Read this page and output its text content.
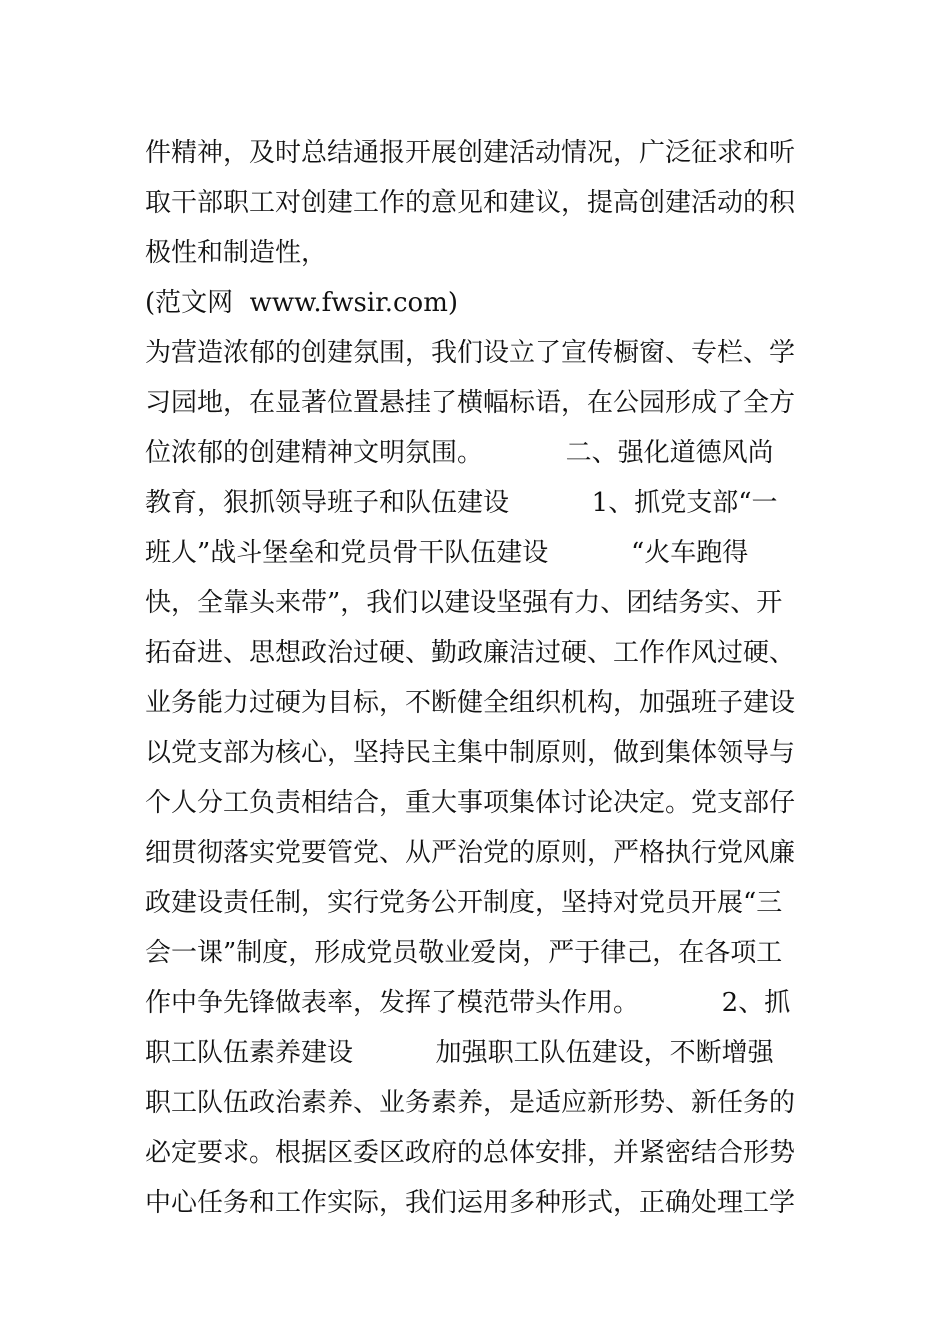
件精神，及时总结通报开展创建活动情况，广泛征求和听
取干部职工对创建工作的意见和建议，提高创建活动的积
极性和制造性，
(范文网  www.fwsir.com)
为营造浓郁的创建氛围，我们设立了宣传橱窗、专栏、学
习园地，在显著位置悬挂了横幅标语，在公园形成了全方
位浓郁的创建精神文明氛围。          二、强化道德风尚
教育，狠抓领导班子和队伍建设          1、抓党支部“一
班人”战斗堡垒和党员骨干队伍建设          “火车跑得
快，全靠头来带”，我们以建设坚强有力、团结务实、开
拓奋进、思想政治过硬、勤政廉洁过硬、工作作风过硬、
业务能力过硬为目标，不断健全组织机构，加强班子建设
以党支部为核心，坚持民主集中制原则，做到集体领导与
个人分工负责相结合，重大事项集体讨论决定。党支部仔
细贯彻落实党要管党、从严治党的原则，严格执行党风廉
政建设责任制，实行党务公开制度，坚持对党员开展“三
会一课”制度，形成党员敬业爱岗，严于律己，在各项工
作中争先锋做表率，发挥了模范带头作用。          2、抓
职工队伍素养建设          加强职工队伍建设，不断增强
职工队伍政治素养、业务素养，是适应新形势、新任务的
必定要求。根据区委区政府的总体安排，并紧密结合形势
中心任务和工作实际，我们运用多种形式，正确处理工学
